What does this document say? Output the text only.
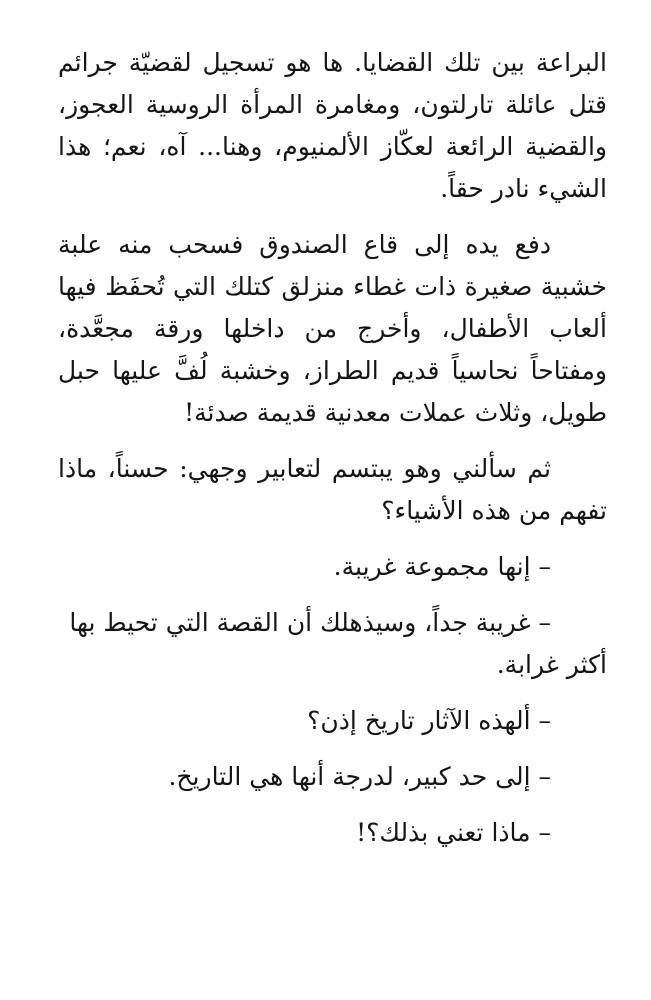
البراعة بين تلك القضايا. ها هو تسجيل لقضيّة جرائم قتل عائلة تارلتون، ومغامرة المرأة الروسية العجوز، والقضية الرائعة لعكّاز الألمنيوم، وهنا... آه، نعم؛ هذا الشيء نادر حقاً.

دفع يده إلى قاع الصندوق فسحب منه علبة خشبية صغيرة ذات غطاء منزلق كتلك التي تُحفَظ فيها ألعاب الأطفال، وأخرج من داخلها ورقة مجعَّدة، ومفتاحاً نحاسياً قديم الطراز، وخشبة لُفَّ عليها حبل طويل، وثلاث عملات معدنية قديمة صدئة!

ثم سألني وهو يبتسم لتعابير وجهي: حسناً، ماذا تفهم من هذه الأشياء؟

– إنها مجموعة غريبة.

– غريبة جداً، وسيذهلك أن القصة التي تحيط بها أكثر غرابة.

– ألهذه الآثار تاريخ إذن؟

– إلى حد كبير، لدرجة أنها هي التاريخ.

– ماذا تعني بذلك؟!
